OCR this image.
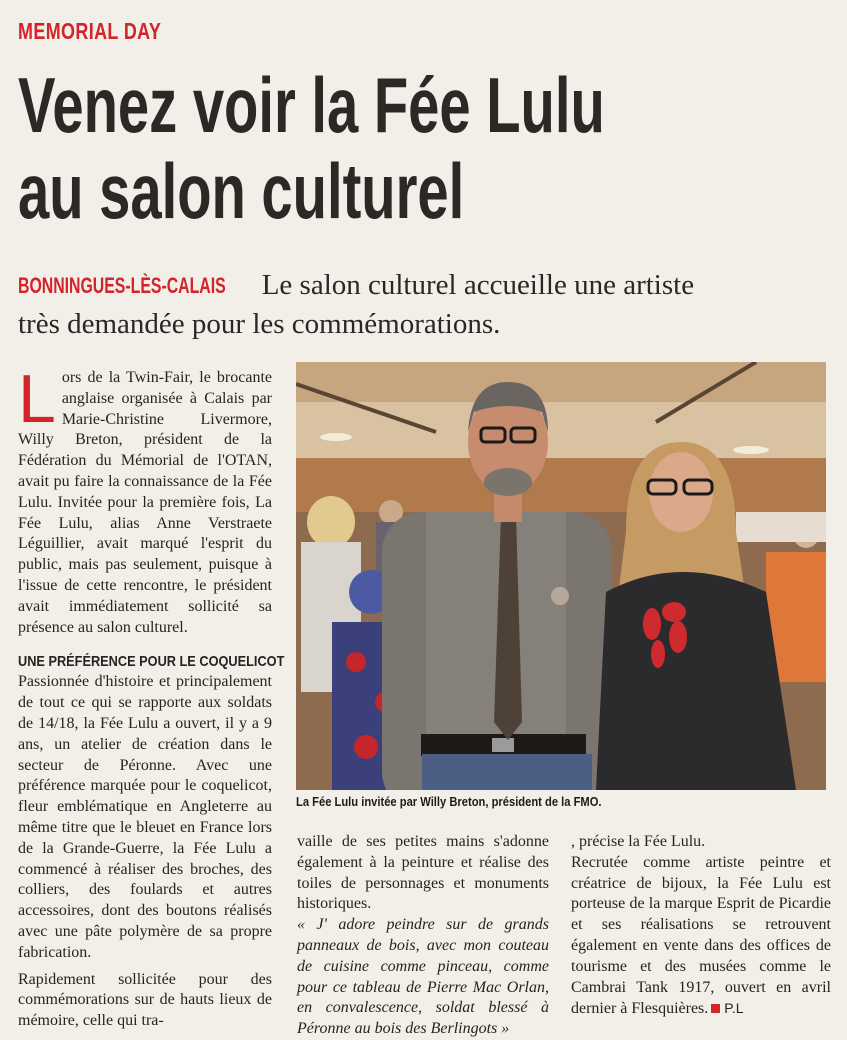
MEMORIAL DAY
Venez voir la Fée Lulu
au salon culturel
BONNINGUES-LÈS-CALAIS Le salon culturel accueille une artiste très demandée pour les commémorations.

Lors de la Twin-Fair, le brocante anglaise organisée à Calais par Marie-Christine Livermore, Willy Breton, président de la Fédération du Mémorial de l'OTAN, avait pu faire la connaissance de la Fée Lulu. Invitée pour la première fois, La Fée Lulu, alias Anne Verstraete Léguillier, avait marqué l'esprit du public, mais pas seulement, puisque à l'issue de cette rencontre, le président avait immédiatement sollicité sa présence au salon culturel.

UNE PRÉFÉRENCE POUR LE COQUELICOT

Passionnée d'histoire et principalement de tout ce qui se rapporte aux soldats de 14/18, la Fée Lulu a ouvert, il y a 9 ans, un atelier de création dans le secteur de Péronne. Avec une préférence marquée pour le coquelicot, fleur emblématique en Angleterre au même titre que le bleuet en France lors de la Grande-Guerre, la Fée Lulu a commencé à réaliser des broches, des colliers, des foulards et autres accessoires, dont des boutons réalisés avec une pâte polymère de sa propre fabrication.

Rapidement sollicitée pour des commémorations sur de hauts lieux de mémoire, celle qui tra-

La Fée Lulu invitée par Willy Breton, président de la FMO.

vaille de ses petites mains s'adonne également à la peinture et réalise des toiles de personnages et monuments historiques.

« J' adore peindre sur de grands panneaux de bois, avec mon couteau de cuisine comme pinceau, comme pour ce tableau de Pierre Mac Orlan, en convalescence, soldat blessé à Péronne au bois des Berlingots »

, précise la Fée Lulu.

Recrutée comme artiste peintre et créatrice de bijoux, la Fée Lulu est porteuse de la marque Esprit de Picardie et ses réalisations se retrouvent également en vente dans des offices de tourisme et des musées comme le Cambrai Tank 1917, ouvert en avril dernier à Flesquières. P.L
